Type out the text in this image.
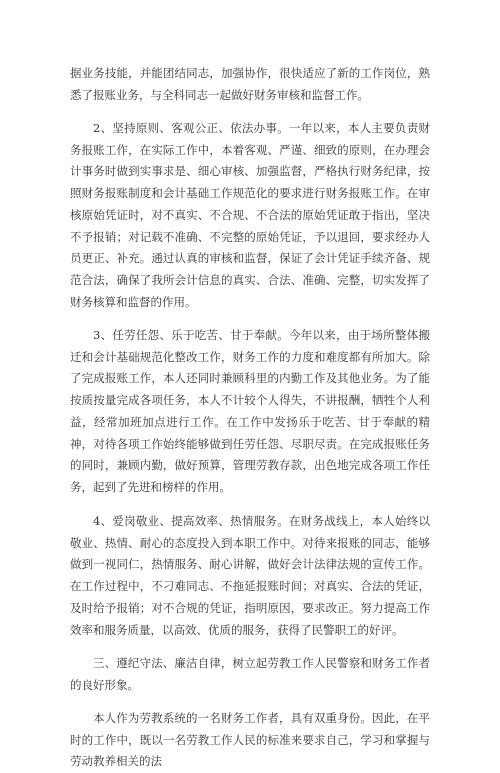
据业务技能，并能团结同志，加强协作，很快适应了新的工作岗位，熟悉了报账业务，与全科同志一起做好财务审核和监督工作。
2、坚持原则、客观公正、依法办事。一年以来，本人主要负责财务报账工作，在实际工作中，本着客观、严谨、细致的原则，在办理会计事务时做到实事求是、细心审核、加强监督，严格执行财务纪律，按照财务报账制度和会计基础工作规范化的要求进行财务报账工作。在审核原始凭证时，对不真实、不合规、不合法的原始凭证敢于指出，坚决不予报销；对记载不准确、不完整的原始凭证，予以退回，要求经办人员更正、补充。通过认真的审核和监督，保证了会计凭证手续齐备、规范合法，确保了我所会计信息的真实、合法、准确、完整，切实发挥了财务核算和监督的作用。
3、任劳任怨、乐于吃苦、甘于奉献。今年以来，由于场所整体搬迁和会计基础规范化整改工作，财务工作的力度和难度都有所加大。除了完成报账工作，本人还同时兼顾科里的内勤工作及其他业务。为了能按质按量完成各项任务，本人不计较个人得失，不讲报酬，牺牲个人利益，经常加班加点进行工作。在工作中发扬乐于吃苦、甘于奉献的精神，对待各项工作始终能够做到任劳任怨、尽职尽责。在完成报账任务的同时，兼顾内勤，做好预算，管理劳教存款，出色地完成各项工作任务，起到了先进和榜样的作用。
4、爱岗敬业、提高效率、热情服务。在财务战线上，本人始终以敬业、热情、耐心的态度投入到本职工作中。对待来报账的同志，能够做到一视同仁，热情服务、耐心讲解，做好会计法律法规的宣传工作。在工作过程中，不刁难同志、不拖延报账时间；对真实、合法的凭证，及时给予报销；对不合规的凭证，指明原因，要求改正。努力提高工作效率和服务质量，以高效、优质的服务，获得了民警职工的好评。
三、遵纪守法、廉洁自律，树立起劳教工作人民警察和财务工作者的良好形象。
本人作为劳教系统的一名财务工作者，具有双重身份。因此，在平时的工作中，既以一名劳教工作人民的标准来要求自己，学习和掌握与劳动教养相关的法
